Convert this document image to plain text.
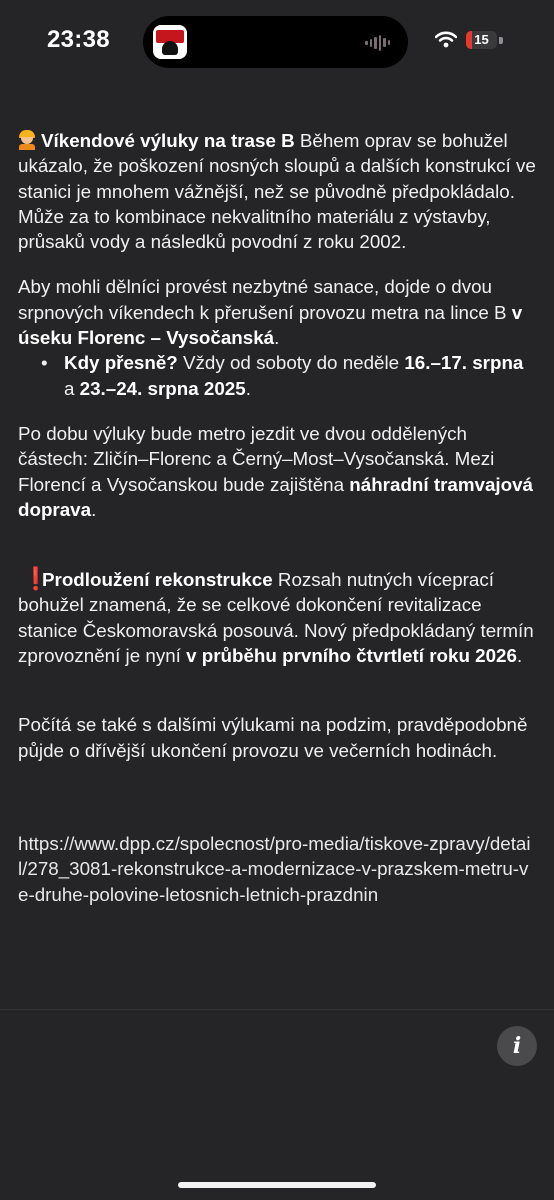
23:38	15

Víkendové výluky na trase B Během oprav se bohužel ukázalo, že poškození nosných sloupů a dalších konstrukcí ve stanici je mnohem vážnější, než se původně předpokládalo. Může za to kombinace nekvalitního materiálu z výstavby, průsaků vody a následků povodní z roku 2002.

Aby mohli dělníci provést nezbytné sanace, dojde o dvou srpnových víkendech k přerušení provozu metra na lince B v úseku Florenc – Vysočanská.

• Kdy přesně? Vždy od soboty do neděle 16.–17. srpna a 23.–24. srpna 2025.

Po dobu výluky bude metro jezdit ve dvou oddělených částech: Zličín–Florenc a Černý–Most–Vysočanská. Mezi Florencí a Vysočanskou bude zajištěna náhradní tramvajová doprava.

❗Prodloužení rekonstrukce Rozsah nutných víceprací bohužel znamená, že se celkové dokončení revitalizace stanice Českomoravská posouvá. Nový předpokládaný termín zprovoznění je nyní v průběhu prvního čtvrtletí roku 2026.

Počítá se také s dalšími výlukami na podzim, pravděpodobně půjde o dřívější ukončení provozu ve večerních hodinách.

https://www.dpp.cz/spolecnost/pro-media/tiskove-zpravy/detail/278_3081-rekonstrukce-a-modernizace-v-prazskem-metru-ve-druhe-polovine-letosnich-letnich-prazdnin

i
